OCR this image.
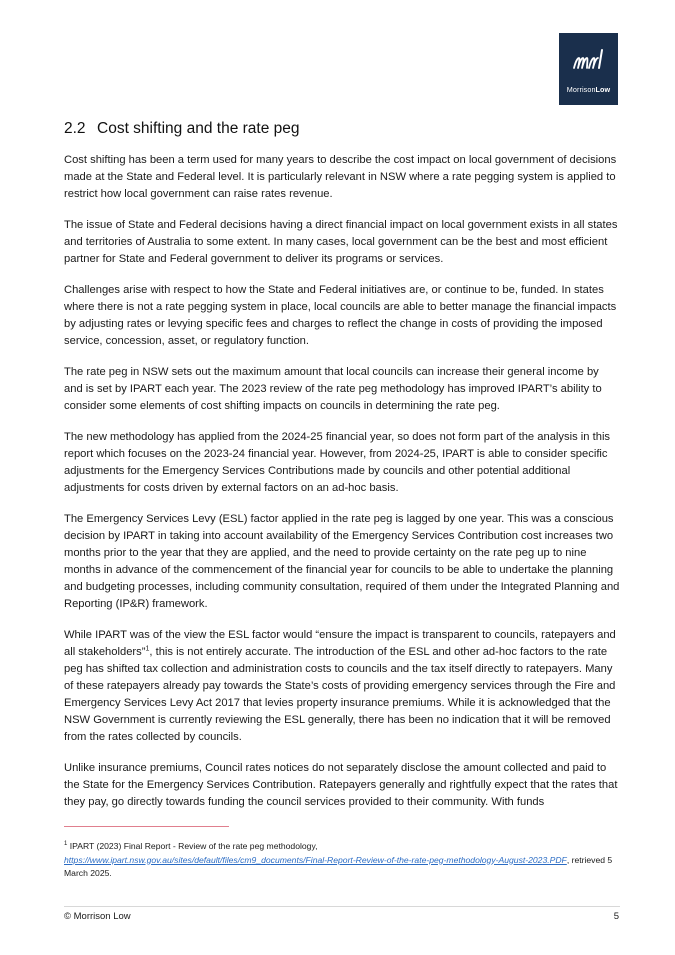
MorrisonLow
2.2 Cost shifting and the rate peg

Cost shifting has been a term used for many years to describe the cost impact on local government of decisions made at the State and Federal level. It is particularly relevant in NSW where a rate pegging system is applied to restrict how local government can raise rates revenue.

The issue of State and Federal decisions having a direct financial impact on local government exists in all states and territories of Australia to some extent. In many cases, local government can be the best and most efficient partner for State and Federal government to deliver its programs or services.

Challenges arise with respect to how the State and Federal initiatives are, or continue to be, funded. In states where there is not a rate pegging system in place, local councils are able to better manage the financial impacts by adjusting rates or levying specific fees and charges to reflect the change in costs of providing the imposed service, concession, asset, or regulatory function.

The rate peg in NSW sets out the maximum amount that local councils can increase their general income by and is set by IPART each year. The 2023 review of the rate peg methodology has improved IPART’s ability to consider some elements of cost shifting impacts on councils in determining the rate peg.

The new methodology has applied from the 2024-25 financial year, so does not form part of the analysis in this report which focuses on the 2023-24 financial year. However, from 2024-25, IPART is able to consider specific adjustments for the Emergency Services Contributions made by councils and other potential additional adjustments for costs driven by external factors on an ad-hoc basis.

The Emergency Services Levy (ESL) factor applied in the rate peg is lagged by one year. This was a conscious decision by IPART in taking into account availability of the Emergency Services Contribution cost increases two months prior to the year that they are applied, and the need to provide certainty on the rate peg up to nine months in advance of the commencement of the financial year for councils to be able to undertake the planning and budgeting processes, including community consultation, required of them under the Integrated Planning and Reporting (IP&R) framework.

While IPART was of the view the ESL factor would “ensure the impact is transparent to councils, ratepayers and all stakeholders”$^1$, this is not entirely accurate. The introduction of the ESL and other ad-hoc factors to the rate peg has shifted tax collection and administration costs to councils and the tax itself directly to ratepayers. Many of these ratepayers already pay towards the State’s costs of providing emergency services through the Fire and Emergency Services Levy Act 2017 that levies property insurance premiums. While it is acknowledged that the NSW Government is currently reviewing the ESL generally, there has been no indication that it will be removed from the rates collected by councils.

Unlike insurance premiums, Council rates notices do not separately disclose the amount collected and paid to the State for the Emergency Services Contribution. Ratepayers generally and rightfully expect that the rates that they pay, go directly towards funding the council services provided to their community. With funds

$^1$ IPART (2023) Final Report - Review of the rate peg methodology,
https://www.ipart.nsw.gov.au/sites/default/files/cm9_documents/Final-Report-Review-of-the-rate-peg-methodology-August-2023.PDF, retrieved 5 March 2025.
© Morrison Low	5
